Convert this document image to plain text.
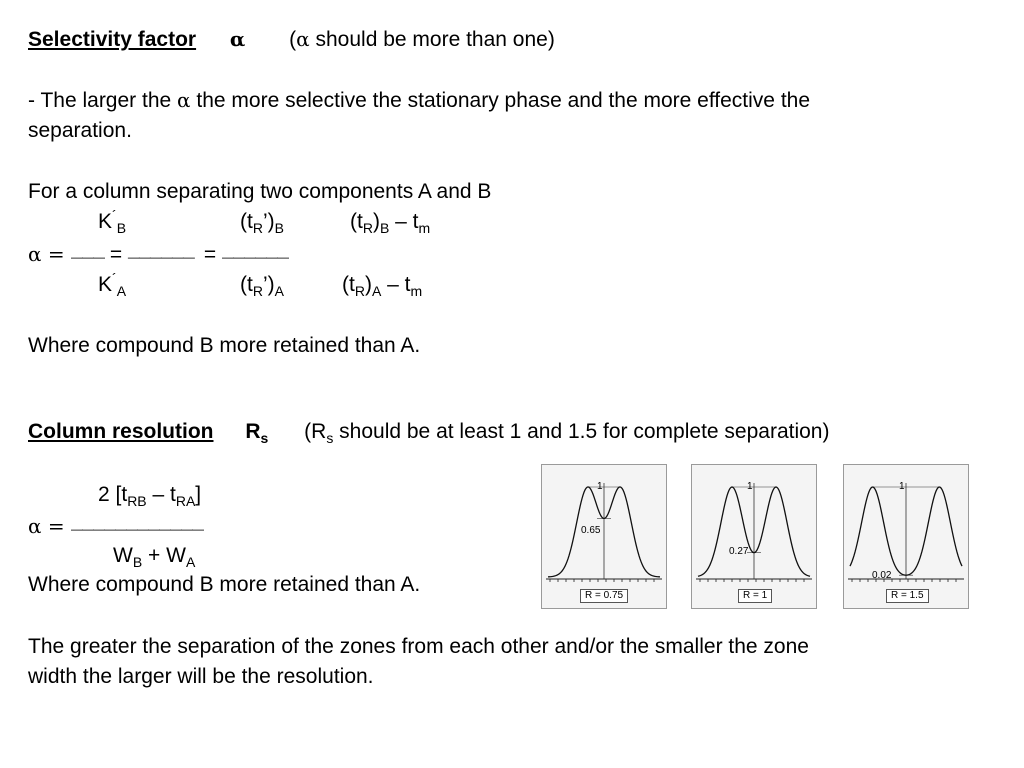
Selectivity factor α (α should be more than one)
- The larger the α the more selective the stationary phase and the more effective the
separation.
For a column separating two components A and B
$K^´_B$	$(t_R’)_B$	$(t_R)_B - t_m$
α = ——— = —————— = ——————
$K^´_A$	$(t_R’)_A$	$(t_R)_A - t_m$
Where compound B more retained than A.
Column resolution $R_s$ ($R_s$ should be at least 1 and 1.5 for complete separation)
2 $[t_{RB} - t_{RA}]$
α = ————————————
$W_B + W_A$
Where compound B more retained than A.
The greater the separation of the zones from each other and/or the smaller the zone
width the larger will be the resolution.
1
0.65
R = 0.75
1
0.27
R = 1
1
0.02
R = 1.5
